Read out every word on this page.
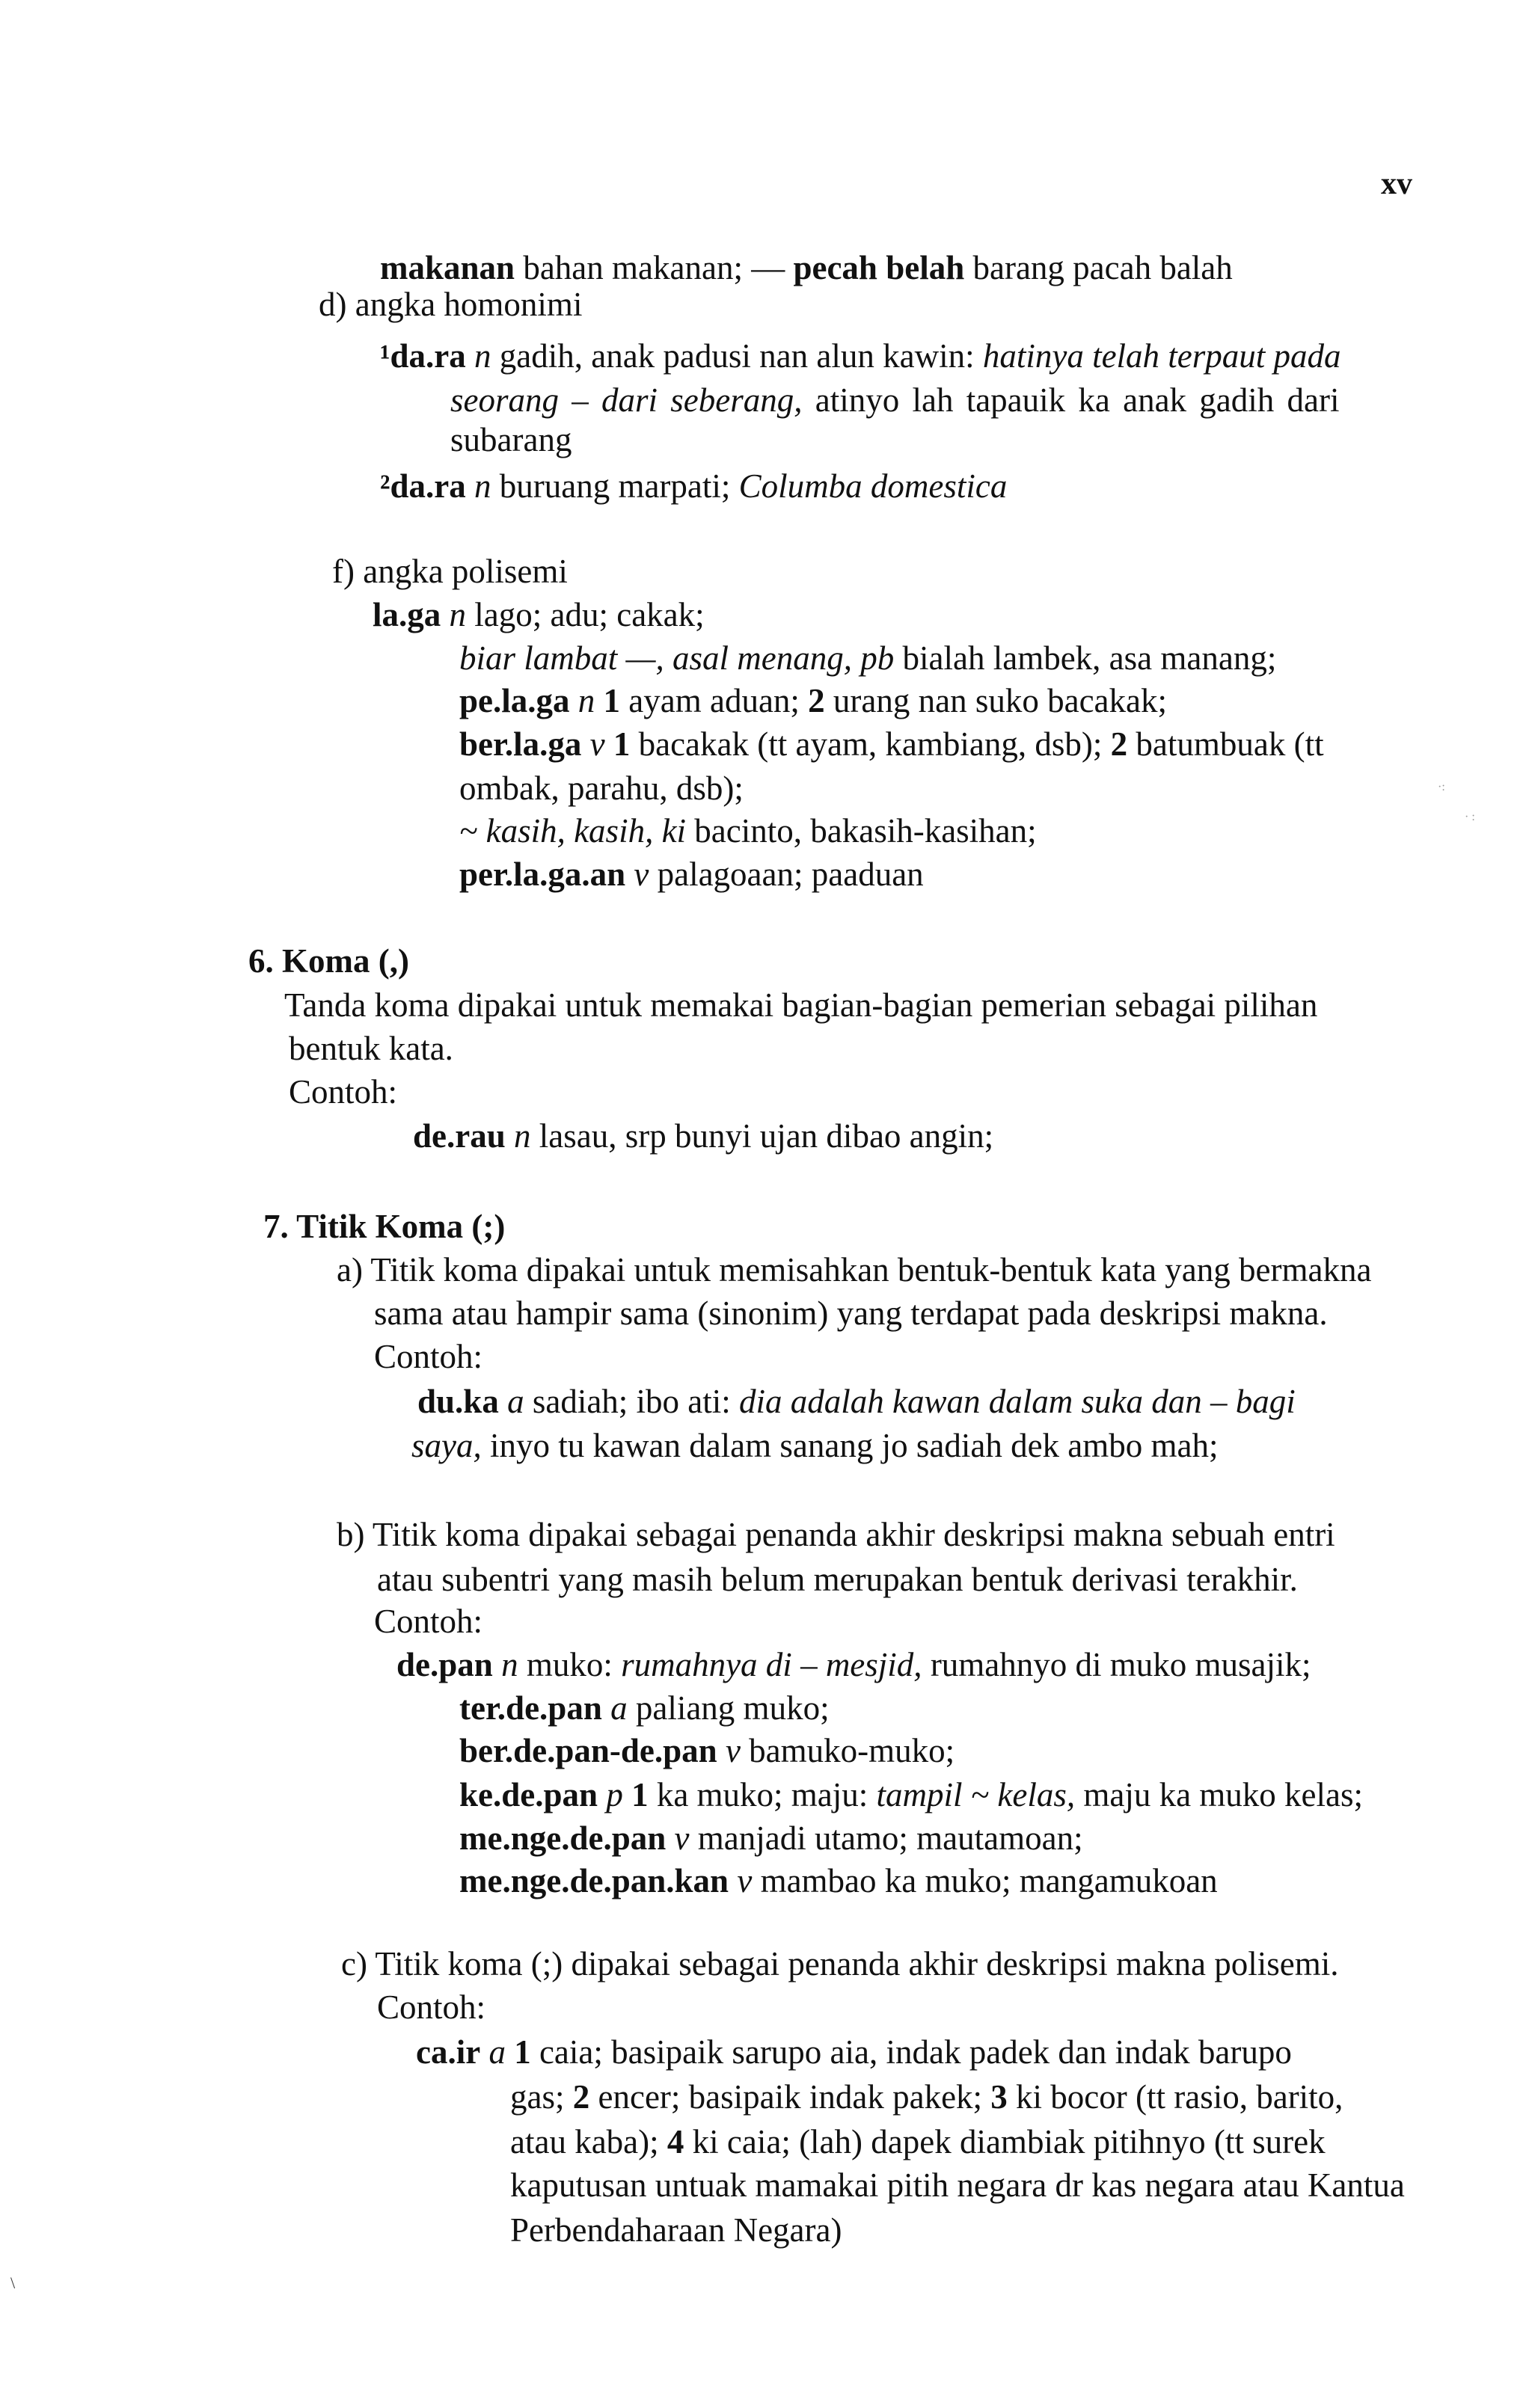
xv
makanan bahan makanan; — pecah belah barang pacah balah
d) angka homonimi
¹da.ra n gadih, anak padusi nan alun kawin: hatinya telah terpaut pada
seorang – dari seberang, atinyo lah tapauik ka anak gadih dari
subarang
²da.ra n buruang marpati; Columba domestica
f) angka polisemi
la.ga n lago; adu; cakak;
biar lambat —, asal menang, pb bialah lambek, asa manang;
pe.la.ga n 1 ayam aduan; 2 urang nan suko bacakak;
ber.la.ga v 1 bacakak (tt ayam, kambiang, dsb); 2 batumbuak (tt
ombak, parahu, dsb);
~ kasih, kasih, ki bacinto, bakasih-kasihan;
per.la.ga.an v palagoaan; paaduan
6. Koma (,)
Tanda koma dipakai untuk memakai bagian-bagian pemerian sebagai pilihan
bentuk kata.
Contoh:
de.rau n lasau, srp bunyi ujan dibao angin;
7. Titik Koma (;)
a) Titik koma dipakai untuk memisahkan bentuk-bentuk kata yang bermakna
sama atau hampir sama (sinonim) yang terdapat pada deskripsi makna.
Contoh:
du.ka a sadiah; ibo ati: dia adalah kawan dalam suka dan – bagi
saya, inyo tu kawan dalam sanang jo sadiah dek ambo mah;
b) Titik koma dipakai sebagai penanda akhir deskripsi makna sebuah entri
atau subentri yang masih belum merupakan bentuk derivasi terakhir.
Contoh:
de.pan n muko: rumahnya di – mesjid, rumahnyo di muko musajik;
ter.de.pan a paliang muko;
ber.de.pan-de.pan v bamuko-muko;
ke.de.pan p 1 ka muko; maju: tampil ~ kelas, maju ka muko kelas;
me.nge.de.pan v manjadi utamo; mautamoan;
me.nge.de.pan.kan v mambao ka muko; mangamukoan
c) Titik koma (;) dipakai sebagai penanda akhir deskripsi makna polisemi.
Contoh:
ca.ir a 1 caia; basipaik sarupo aia, indak padek dan indak barupo
gas; 2 encer; basipaik indak pakek; 3 ki bocor (tt rasio, barito,
atau kaba); 4 ki caia; (lah) dapek diambiak pitihnyo (tt surek
kaputusan untuak mamakai pitih negara dr kas negara atau Kantua
Perbendaharaan Negara)
·:
· :
\
